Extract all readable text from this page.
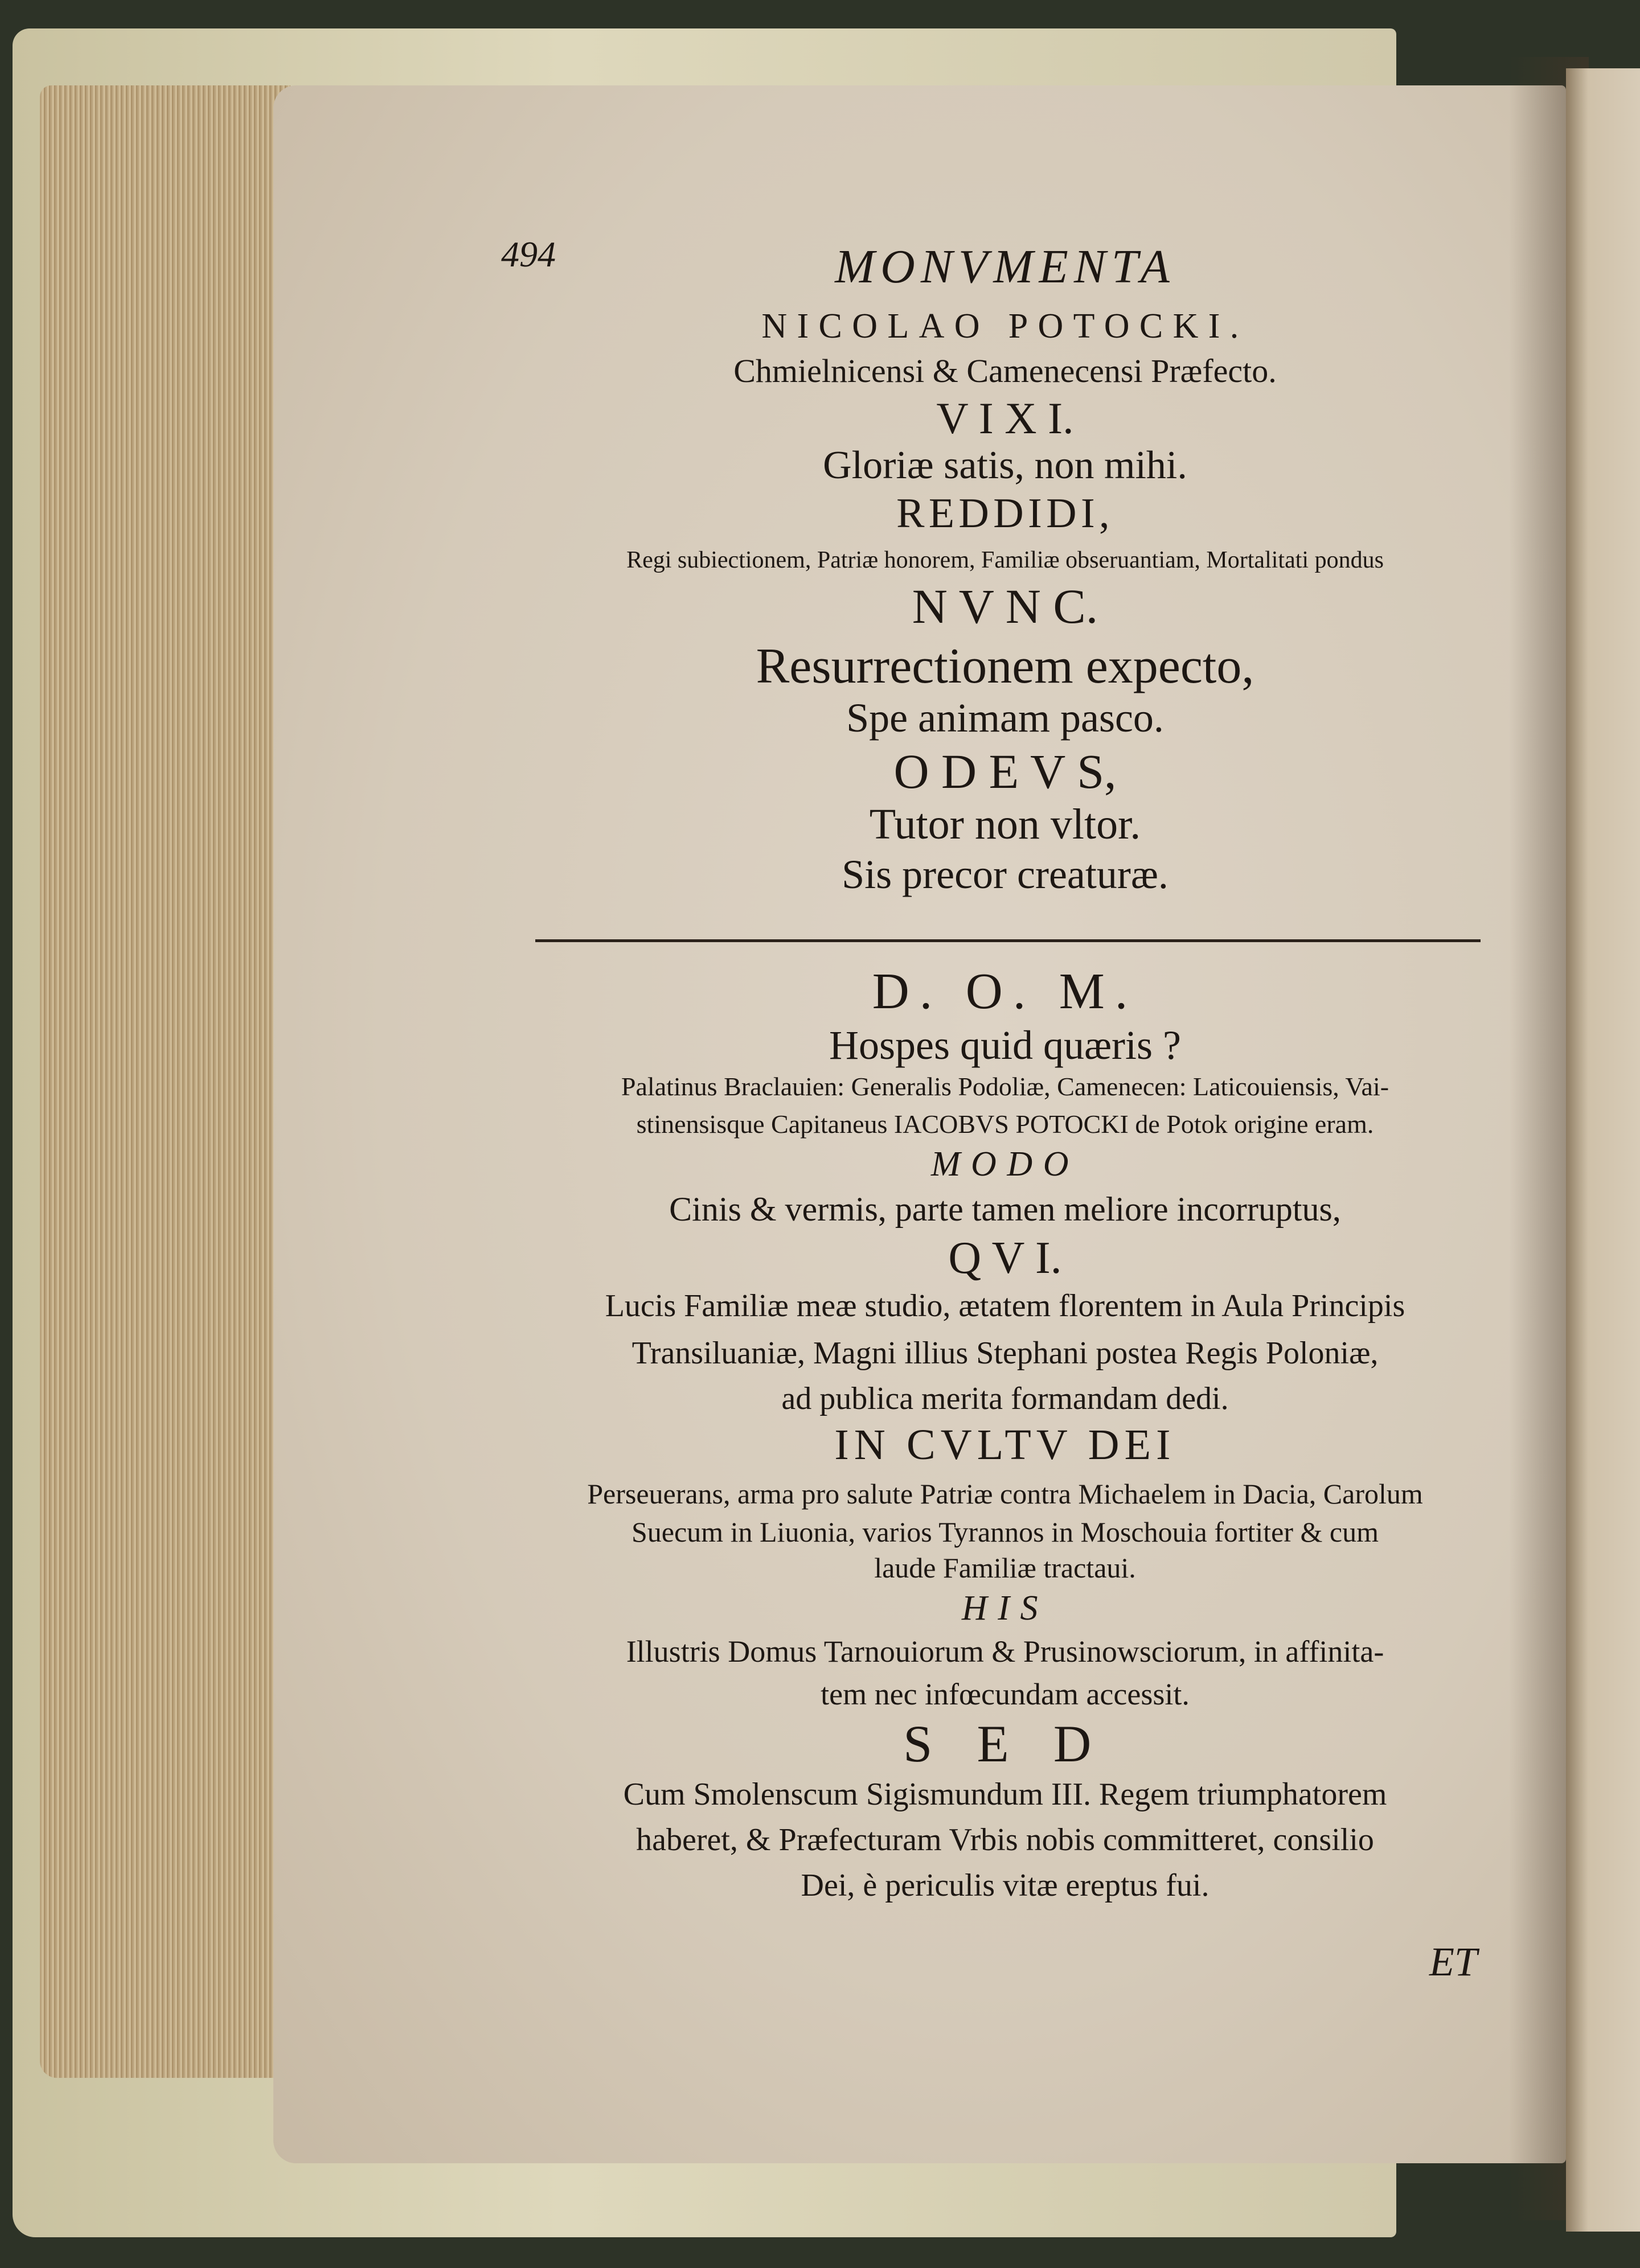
494	MONVMENTA
NICOLAO POTOCKI.
Chmielnicensi & Camenecensi Præfecto.
V I X I.
Gloriæ satis, non mihi.
REDDIDI,
Regi subiectionem, Patriæ honorem, Familiæ obseruantiam, Mortalitati pondus
N V N C.
Resurrectionem expecto,
Spe animam pasco.
O D E V S,
Tutor non vltor.
Sis precor creaturæ.
D. O. M.
Hospes quid quæris ?
Palatinus Braclauien: Generalis Podoliæ, Camenecen: Laticouiensis, Vai-
stinensisque Capitaneus IACOBVS POTOCKI de Potok origine eram.
MODO
Cinis & vermis, parte tamen meliore incorruptus,
Q V I.
Lucis Familiæ meæ studio, ætatem florentem in Aula Principis
Transiluaniæ, Magni illius Stephani postea Regis Poloniæ,
ad publica merita formandam dedi.
IN CVLTV DEI
Perseuerans, arma pro salute Patriæ contra Michaelem in Dacia, Carolum
Suecum in Liuonia, varios Tyrannos in Moschouia fortiter & cum
laude Familiæ tractaui.
HIS
Illustris Domus Tarnouiorum & Prusinowsciorum, in affinita-
tem nec infœcundam accessit.
S E D
Cum Smolenscum Sigismundum III. Regem triumphatorem
haberet, & Præfecturam Vrbis nobis committeret, consilio
Dei, è periculis vitæ ereptus fui.
ET
